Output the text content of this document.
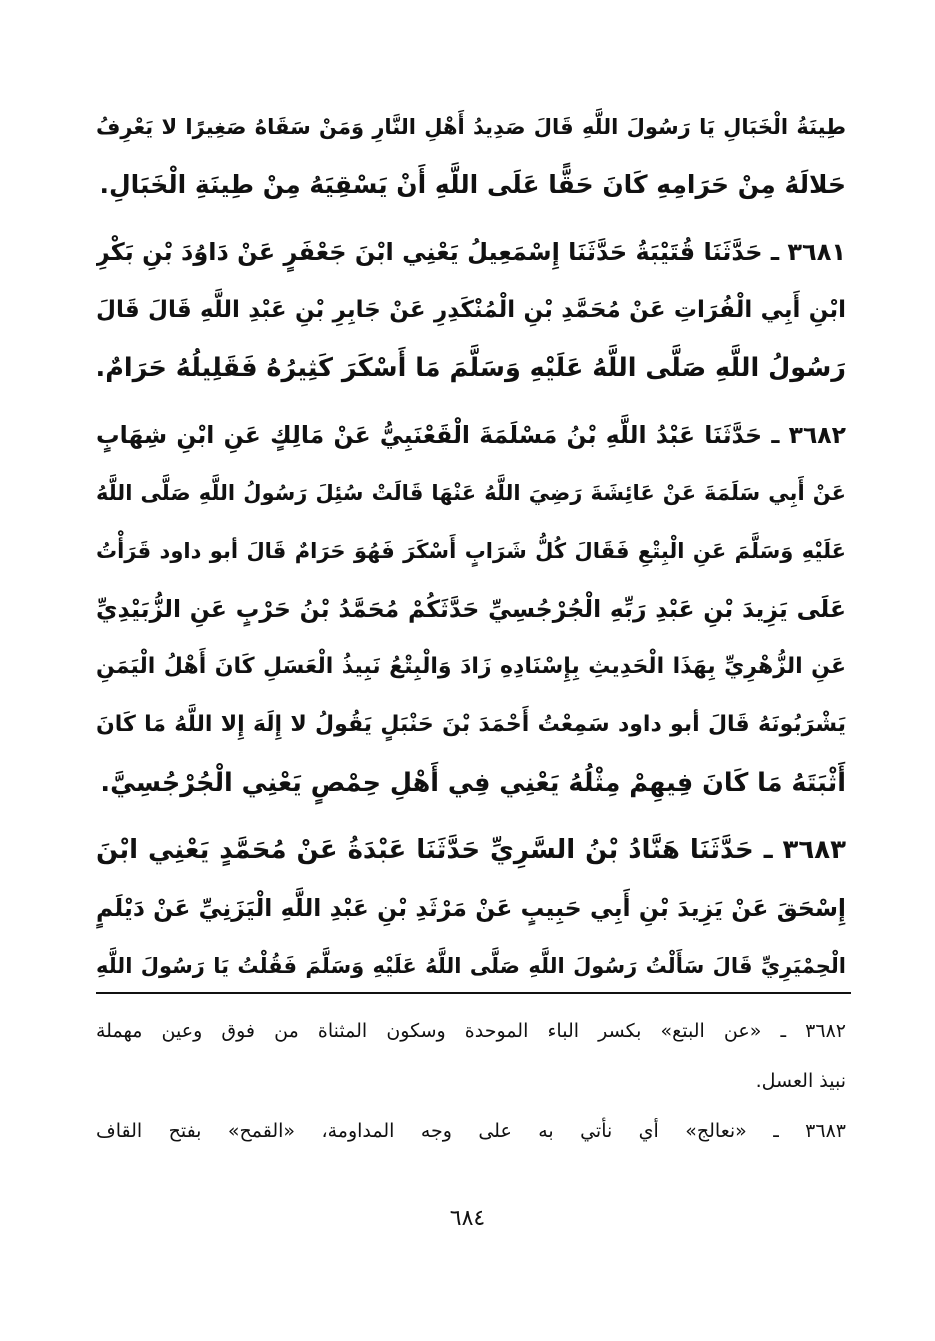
طِينَةُ الْخَبَالِ يَا رَسُولَ اللَّهِ قَالَ صَدِيدُ أَهْلِ النَّارِ وَمَنْ سَقَاهُ صَغِيرًا لا يَعْرِفُ
حَلالَهُ مِنْ حَرَامِهِ كَانَ حَقًّا عَلَى اللَّهِ أَنْ يَسْقِيَهُ مِنْ طِينَةِ الْخَبَالِ.

٣٦٨١ ـ حَدَّثَنَا قُتَيْبَةُ حَدَّثَنَا إِسْمَعِيلُ يَعْنِي ابْنَ جَعْفَرٍ عَنْ دَاوُدَ بْنِ بَكْرِ
ابْنِ أَبِي الْفُرَاتِ عَنْ مُحَمَّدِ بْنِ الْمُنْكَدِرِ عَنْ جَابِرِ بْنِ عَبْدِ اللَّهِ قَالَ قَالَ
رَسُولُ اللَّهِ صَلَّى اللَّهُ عَلَيْهِ وَسَلَّمَ مَا أَسْكَرَ كَثِيرُهُ فَقَلِيلُهُ حَرَامٌ.

٣٦٨٢ ـ حَدَّثَنَا عَبْدُ اللَّهِ بْنُ مَسْلَمَةَ الْقَعْنَبِيُّ عَنْ مَالِكٍ عَنِ ابْنِ شِهَابٍ
عَنْ أَبِي سَلَمَةَ عَنْ عَائِشَةَ رَضِيَ اللَّهُ عَنْهَا قَالَتْ سُئِلَ رَسُولُ اللَّهِ صَلَّى اللَّهُ
عَلَيْهِ وَسَلَّمَ عَنِ الْبِتْعِ فَقَالَ كُلُّ شَرَابٍ أَسْكَرَ فَهُوَ حَرَامٌ قَالَ أبو داود قَرَأْتُ
عَلَى يَزِيدَ بْنِ عَبْدِ رَبِّهِ الْجُرْجُسِيِّ حَدَّثَكُمْ مُحَمَّدُ بْنُ حَرْبٍ عَنِ الزُّبَيْدِيِّ
عَنِ الزُّهْرِيِّ بِهَذَا الْحَدِيثِ بِإِسْنَادِهِ زَادَ وَالْبِتْعُ نَبِيذُ الْعَسَلِ كَانَ أَهْلُ الْيَمَنِ
يَشْرَبُونَهُ قَالَ أبو داود سَمِعْتُ أَحْمَدَ بْنَ حَنْبَلٍ يَقُولُ لا إِلَهَ إِلا اللَّهُ مَا كَانَ
أَثْبَتَهُ مَا كَانَ فِيهِمْ مِثْلُهُ يَعْنِي فِي أَهْلِ حِمْصٍ يَعْنِي الْجُرْجُسِيَّ.

٣٦٨٣ ـ حَدَّثَنَا هَنَّادُ بْنُ السَّرِيِّ حَدَّثَنَا عَبْدَةُ عَنْ مُحَمَّدٍ يَعْنِي ابْنَ
إِسْحَقَ عَنْ يَزِيدَ بْنِ أَبِي حَبِيبٍ عَنْ مَرْثَدِ بْنِ عَبْدِ اللَّهِ الْيَزَنِيِّ عَنْ دَيْلَمٍ
الْحِمْيَرِيِّ قَالَ سَأَلْتُ رَسُولَ اللَّهِ صَلَّى اللَّهُ عَلَيْهِ وَسَلَّمَ فَقُلْتُ يَا رَسُولَ اللَّهِ

٣٦٨٢ ـ «عن البتع» بكسر الباء الموحدة وسكون المثناة من فوق وعين مهملة
نبيذ العسل.

٣٦٨٣ ـ «نعالج» أي نأتي به على وجه المداومة، «القمح» بفتح القاف

٦٨٤
